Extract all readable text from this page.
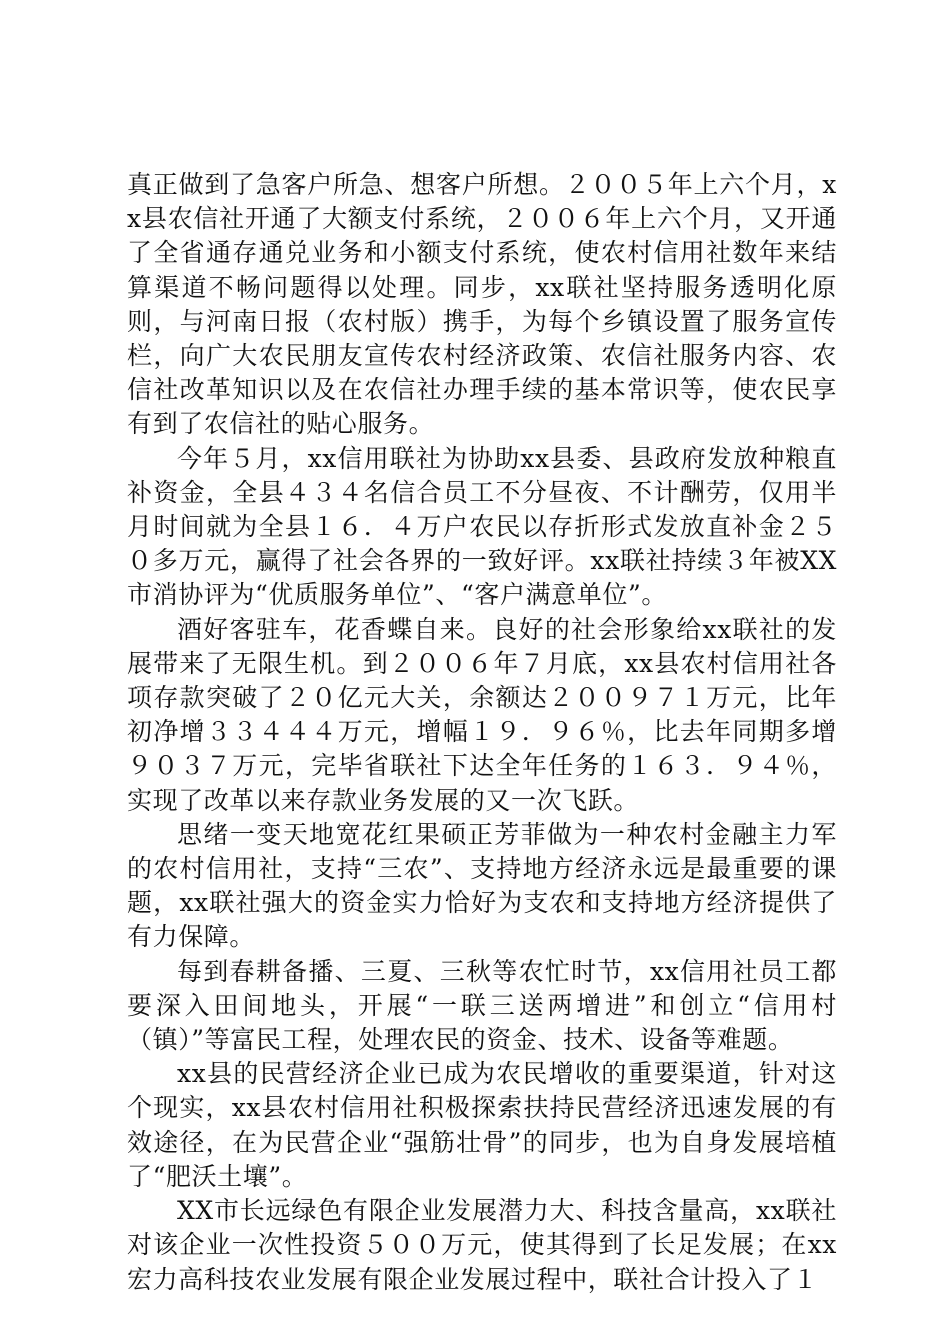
真正做到了急客户所急、想客户所想。２００５年上六个月，xx县农信社开通了大额支付系统，２００６年上六个月，又开通了全省通存通兑业务和小额支付系统，使农村信用社数年来结算渠道不畅问题得以处理。同步，xx联社坚持服务透明化原则，与河南日报（农村版）携手，为每个乡镇设置了服务宣传栏，向广大农民朋友宣传农村经济政策、农信社服务内容、农信社改革知识以及在农信社办理手续的基本常识等，使农民享有到了农信社的贴心服务。

今年５月，xx信用联社为协助xx县委、县政府发放种粮直补资金，全县４３４名信合员工不分昼夜、不计酬劳，仅用半月时间就为全县１６．４万户农民以存折形式发放直补金２５０多万元，赢得了社会各界的一致好评。xx联社持续３年被XX市消协评为“优质服务单位”、“客户满意单位”。

酒好客驻车，花香蝶自来。良好的社会形象给xx联社的发展带来了无限生机。到２００６年７月底，xx县农村信用社各项存款突破了２０亿元大关，余额达２００９７１万元，比年初净增３３４４４万元，增幅１９．９６％，比去年同期多增９０３７万元，完毕省联社下达全年任务的１６３．９４％，实现了改革以来存款业务发展的又一次飞跃。

思绪一变天地宽花红果硕正芳菲做为一种农村金融主力军的农村信用社，支持“三农”、支持地方经济永远是最重要的课题，xx联社强大的资金实力恰好为支农和支持地方经济提供了有力保障。

每到春耕备播、三夏、三秋等农忙时节，xx信用社员工都要深入田间地头，开展“一联三送两增进”和创立“信用村（镇）”等富民工程，处理农民的资金、技术、设备等难题。

xx县的民营经济企业已成为农民增收的重要渠道，针对这个现实，xx县农村信用社积极探索扶持民营经济迅速发展的有效途径，在为民营企业“强筋壮骨”的同步，也为自身发展培植了“肥沃土壤”。

XX市长远绿色有限企业发展潜力大、科技含量高，xx联社对该企业一次性投资５００万元，使其得到了长足发展；在xx宏力高科技农业发展有限企业发展过程中，联社合计投入了１
